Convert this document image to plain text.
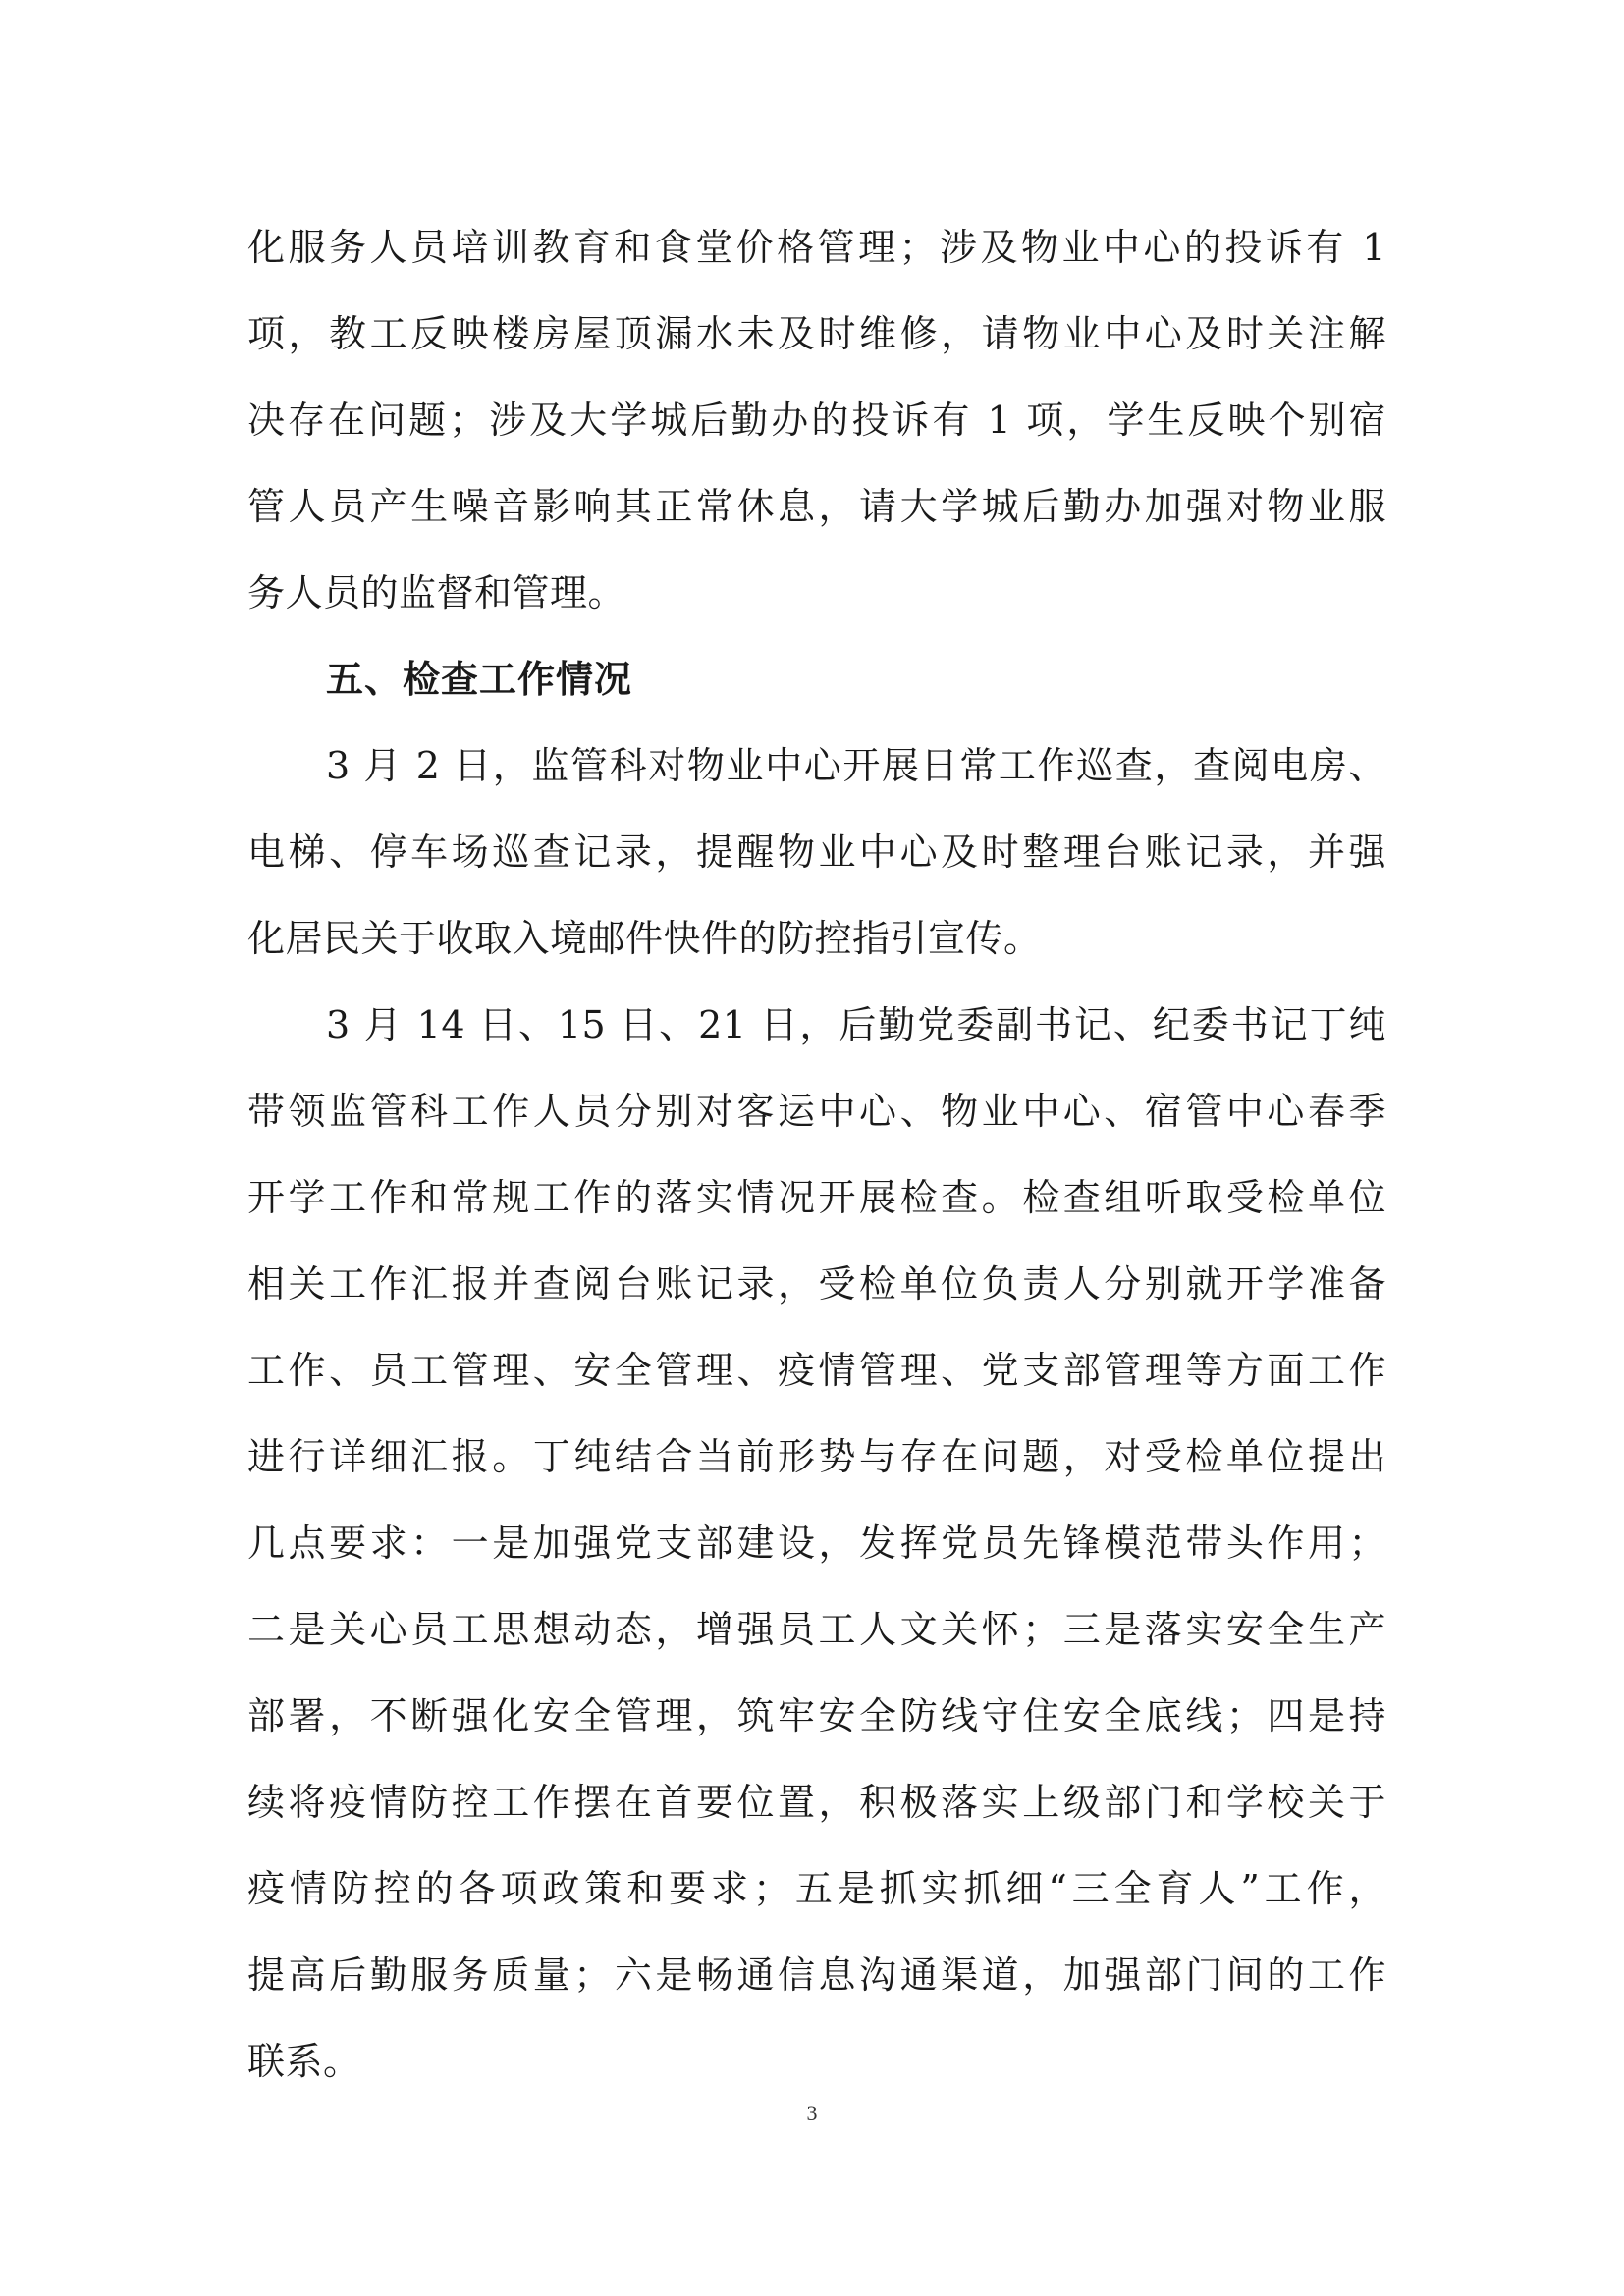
化服务人员培训教育和食堂价格管理；涉及物业中心的投诉有 1
项，教工反映楼房屋顶漏水未及时维修，请物业中心及时关注解
决存在问题；涉及大学城后勤办的投诉有 1 项，学生反映个别宿
管人员产生噪音影响其正常休息，请大学城后勤办加强对物业服
务人员的监督和管理。
五、检查工作情况
3 月 2 日，监管科对物业中心开展日常工作巡查，查阅电房、
电梯、停车场巡查记录，提醒物业中心及时整理台账记录，并强
化居民关于收取入境邮件快件的防控指引宣传。
3 月 14 日、15 日、21 日，后勤党委副书记、纪委书记丁纯
带领监管科工作人员分别对客运中心、物业中心、宿管中心春季
开学工作和常规工作的落实情况开展检查。检查组听取受检单位
相关工作汇报并查阅台账记录，受检单位负责人分别就开学准备
工作、员工管理、安全管理、疫情管理、党支部管理等方面工作
进行详细汇报。丁纯结合当前形势与存在问题，对受检单位提出
几点要求：一是加强党支部建设，发挥党员先锋模范带头作用；
二是关心员工思想动态，增强员工人文关怀；三是落实安全生产
部署，不断强化安全管理，筑牢安全防线守住安全底线；四是持
续将疫情防控工作摆在首要位置，积极落实上级部门和学校关于
疫情防控的各项政策和要求；五是抓实抓细“三全育人”工作，
提高后勤服务质量；六是畅通信息沟通渠道，加强部门间的工作
联系。
3
